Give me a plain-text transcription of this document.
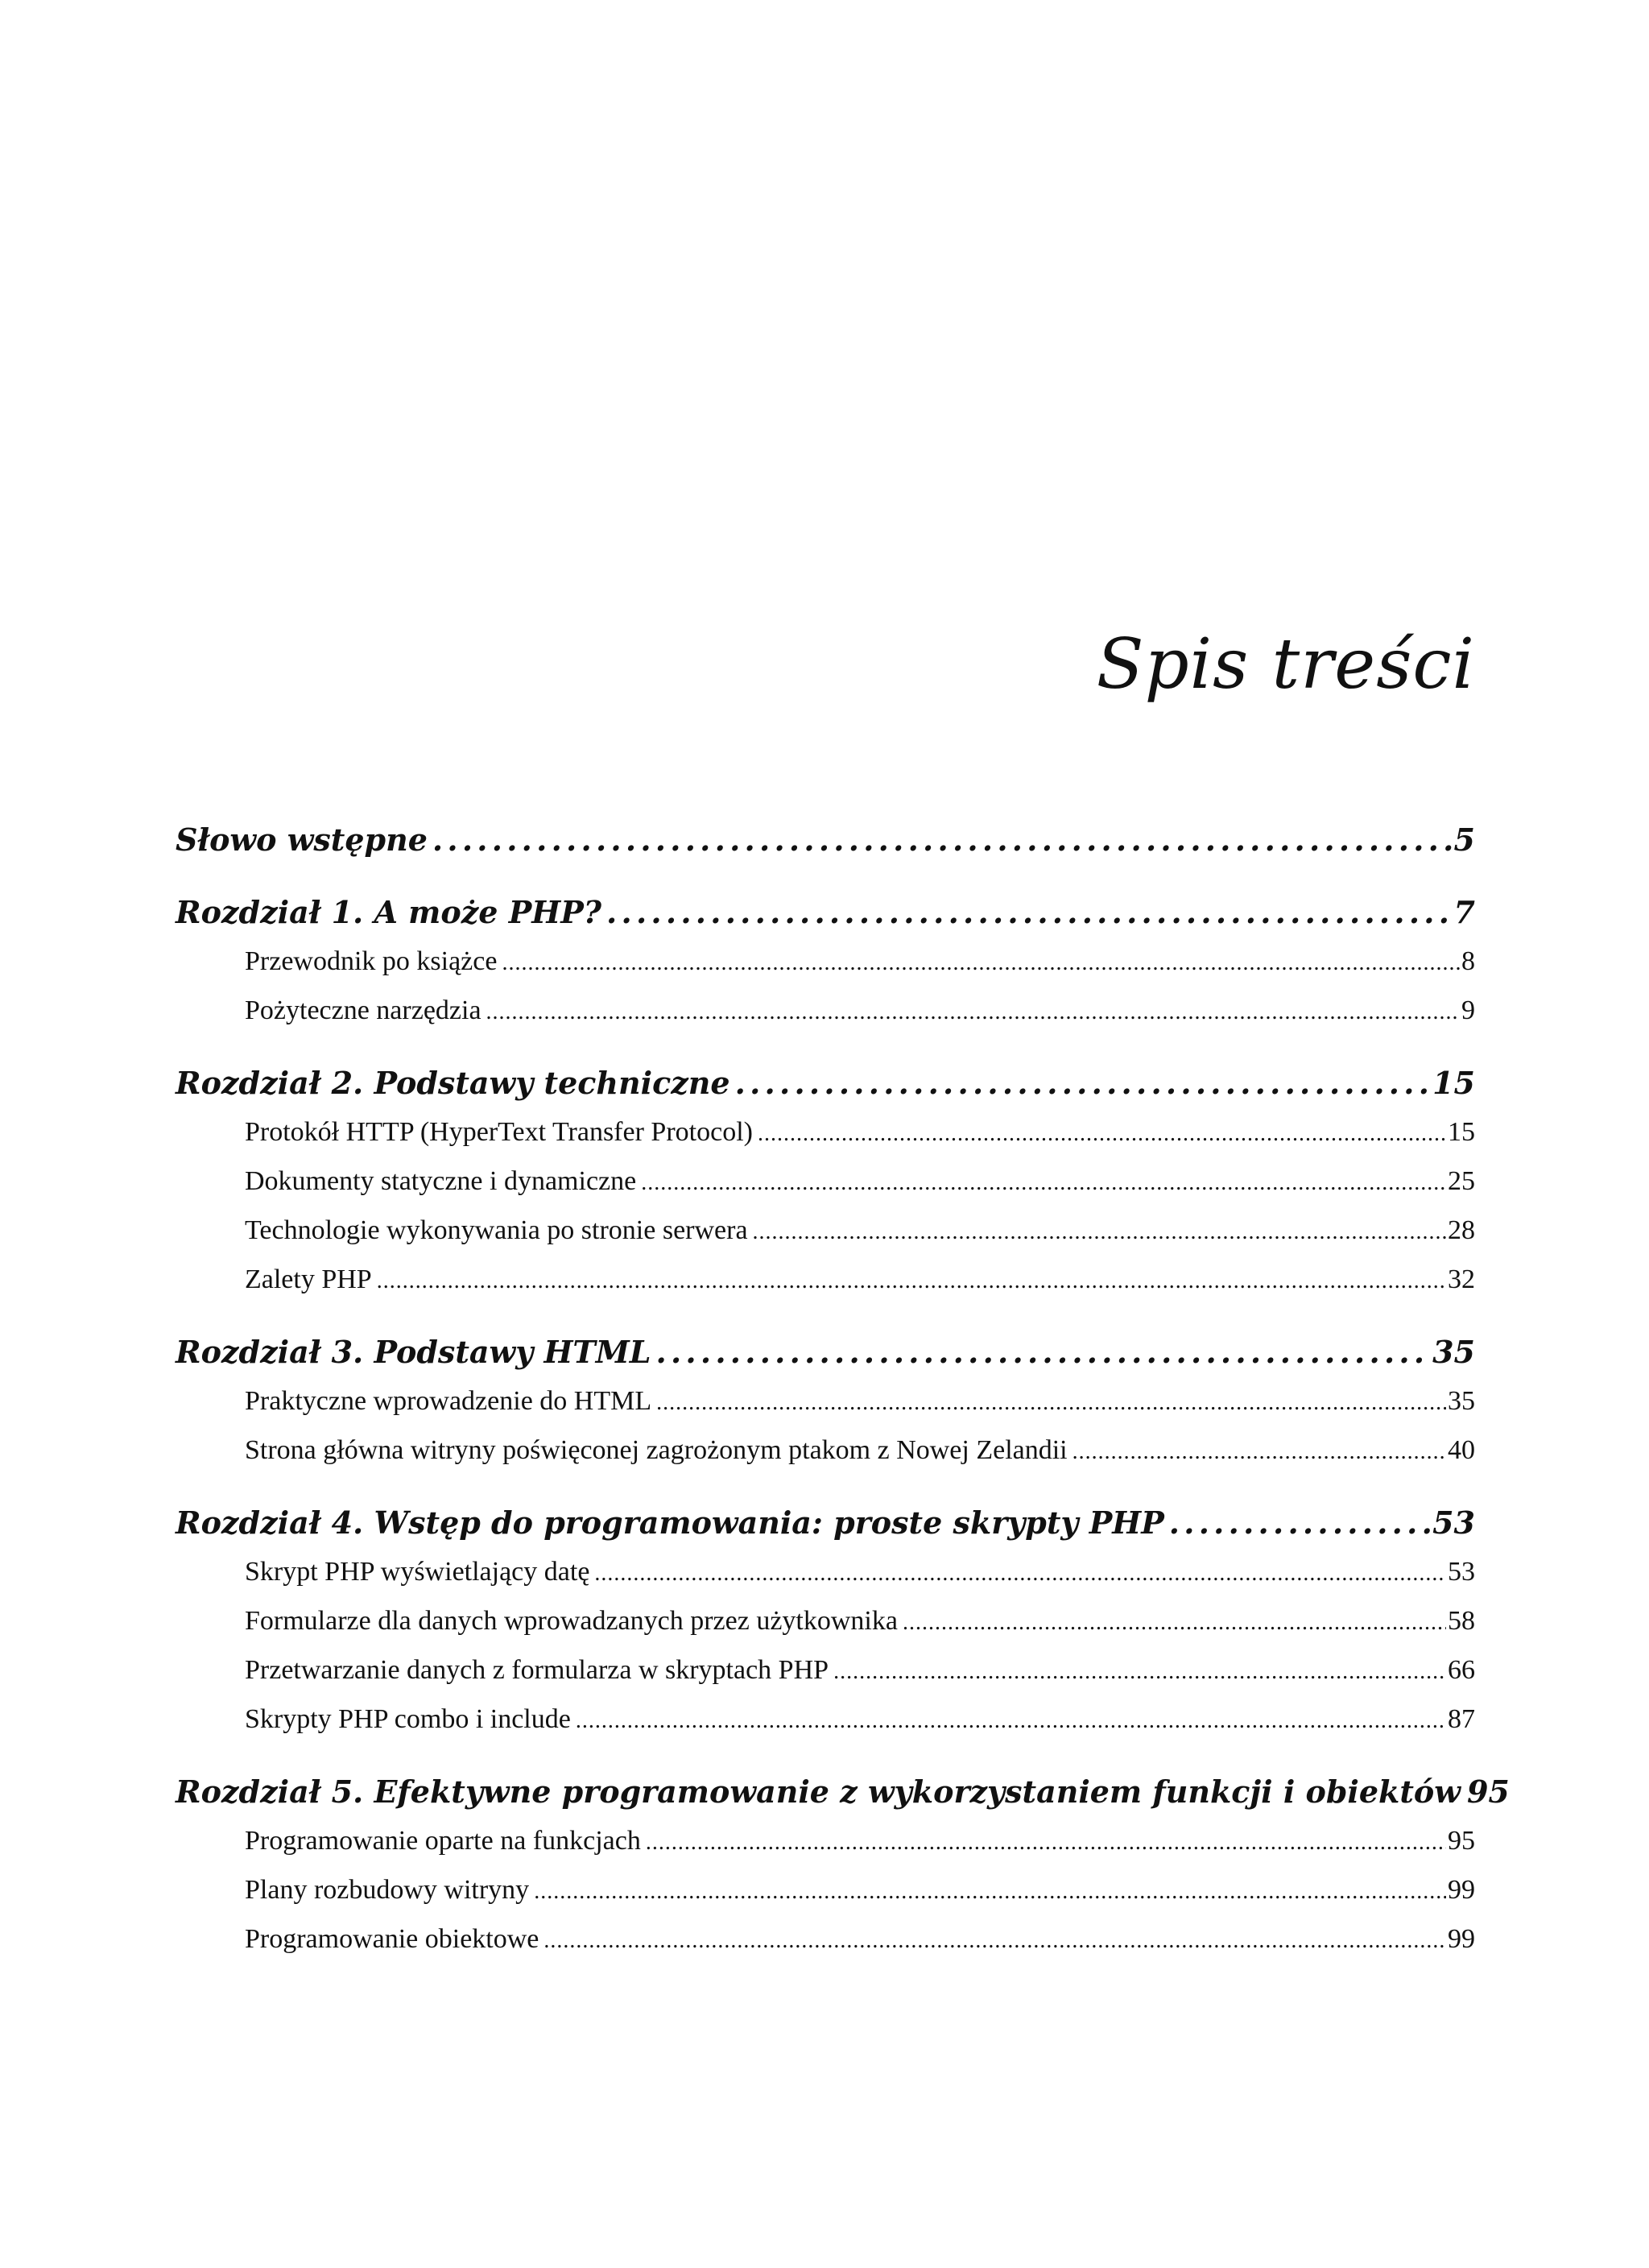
Spis treści
Słowo wstępne . . .	5
Rozdział 1. A może PHP? . . .	7
Przewodnik po książce . . .	8
Pożyteczne narzędzia . . .	9
Rozdział 2. Podstawy techniczne . . .	15
Protokół HTTP (HyperText Transfer Protocol) . . .	15
Dokumenty statyczne i dynamiczne . . .	25
Technologie wykonywania po stronie serwera . . .	28
Zalety PHP . . .	32
Rozdział 3. Podstawy HTML . . .	35
Praktyczne wprowadzenie do HTML . . .	35
Strona główna witryny poświęconej zagrożonym ptakom z Nowej Zelandii . . .	40
Rozdział 4. Wstęp do programowania: proste skrypty PHP . . .	53
Skrypt PHP wyświetlający datę . . .	53
Formularze dla danych wprowadzanych przez użytkownika . . .	58
Przetwarzanie danych z formularza w skryptach PHP . . .	66
Skrypty PHP combo i include . . .	87
Rozdział 5. Efektywne programowanie z wykorzystaniem funkcji i obiektów 95
Programowanie oparte na funkcjach . . .	95
Plany rozbudowy witryny . . .	99
Programowanie obiektowe . . .	99
